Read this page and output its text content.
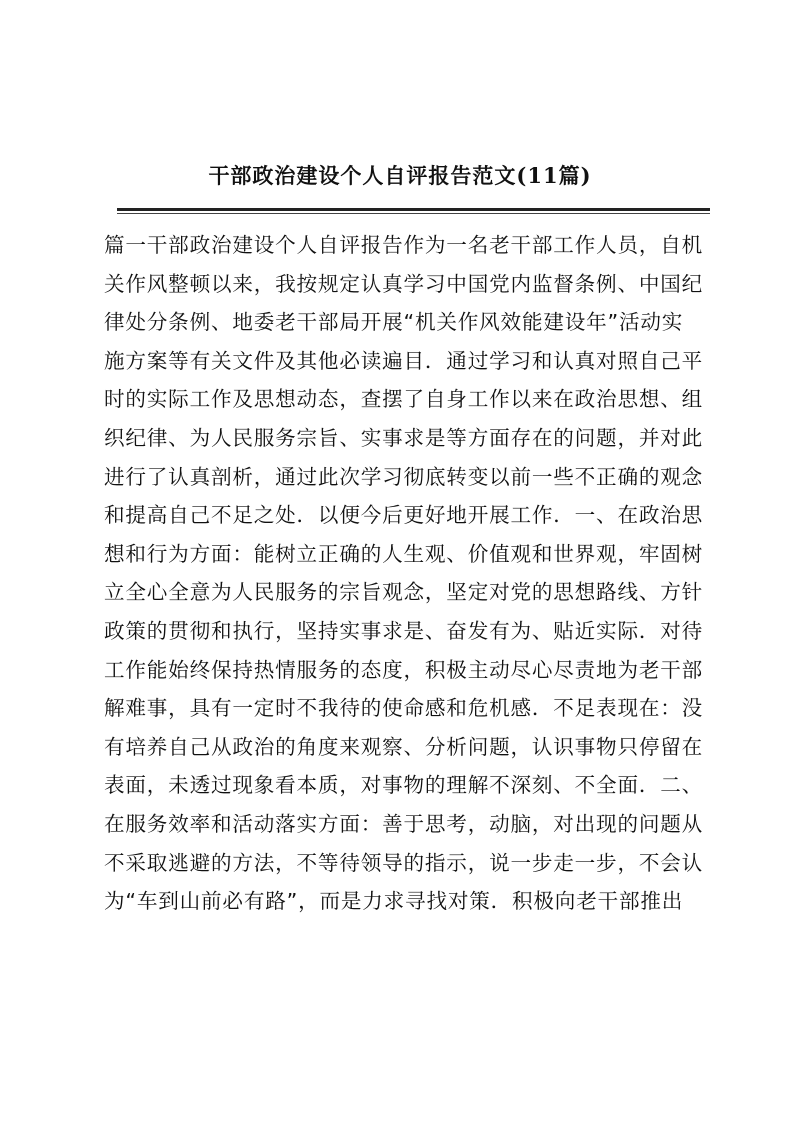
干部政治建设个人自评报告范文(11篇)
篇一干部政治建设个人自评报告作为一名老干部工作人员，自机
关作风整顿以来，我按规定认真学习中国党内监督条例、中国纪
律处分条例、地委老干部局开展“机关作风效能建设年”活动实
施方案等有关文件及其他必读遍目．通过学习和认真对照自己平
时的实际工作及思想动态，查摆了自身工作以来在政治思想、组
织纪律、为人民服务宗旨、实事求是等方面存在的问题，并对此
进行了认真剖析，通过此次学习彻底转变以前一些不正确的观念
和提高自己不足之处．以便今后更好地开展工作．一、在政治思
想和行为方面：能树立正确的人生观、价值观和世界观，牢固树
立全心全意为人民服务的宗旨观念，坚定对党的思想路线、方针
政策的贯彻和执行，坚持实事求是、奋发有为、贴近实际．对待
工作能始终保持热情服务的态度，积极主动尽心尽责地为老干部
解难事，具有一定时不我待的使命感和危机感．不足表现在：没
有培养自己从政治的角度来观察、分析问题，认识事物只停留在
表面，未透过现象看本质，对事物的理解不深刻、不全面．二、
在服务效率和活动落实方面：善于思考，动脑，对出现的问题从
不采取逃避的方法，不等待领导的指示，说一步走一步，不会认
为“车到山前必有路”，而是力求寻找对策．积极向老干部推出
